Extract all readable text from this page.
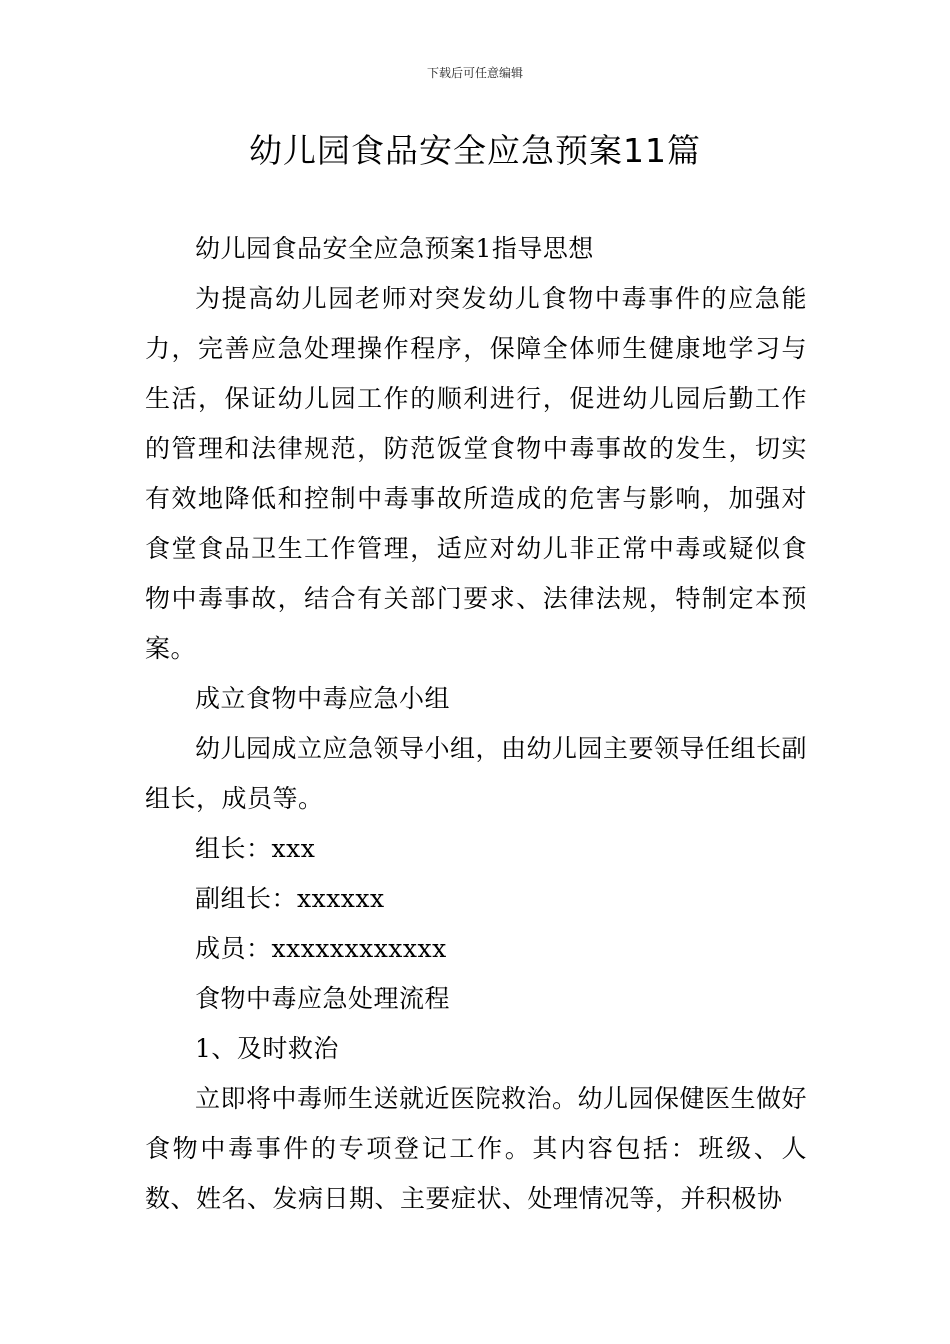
下载后可任意编辑
幼儿园食品安全应急预案11篇

幼儿园食品安全应急预案1指导思想

为提高幼儿园老师对突发幼儿食物中毒事件的应急能力，完善应急处理操作程序，保障全体师生健康地学习与生活，保证幼儿园工作的顺利进行，促进幼儿园后勤工作的管理和法律规范，防范饭堂食物中毒事故的发生，切实有效地降低和控制中毒事故所造成的危害与影响，加强对食堂食品卫生工作管理，适应对幼儿非正常中毒或疑似食物中毒事故，结合有关部门要求、法律法规，特制定本预案。

成立食物中毒应急小组

幼儿园成立应急领导小组，由幼儿园主要领导任组长副组长，成员等。

组长：xxx

副组长：xxxxxx

成员：xxxxxxxxxxxx

食物中毒应急处理流程

1、及时救治

立即将中毒师生送就近医院救治。幼儿园保健医生做好食物中毒事件的专项登记工作。其内容包括：班级、人数、姓名、发病日期、主要症状、处理情况等，并积极协
